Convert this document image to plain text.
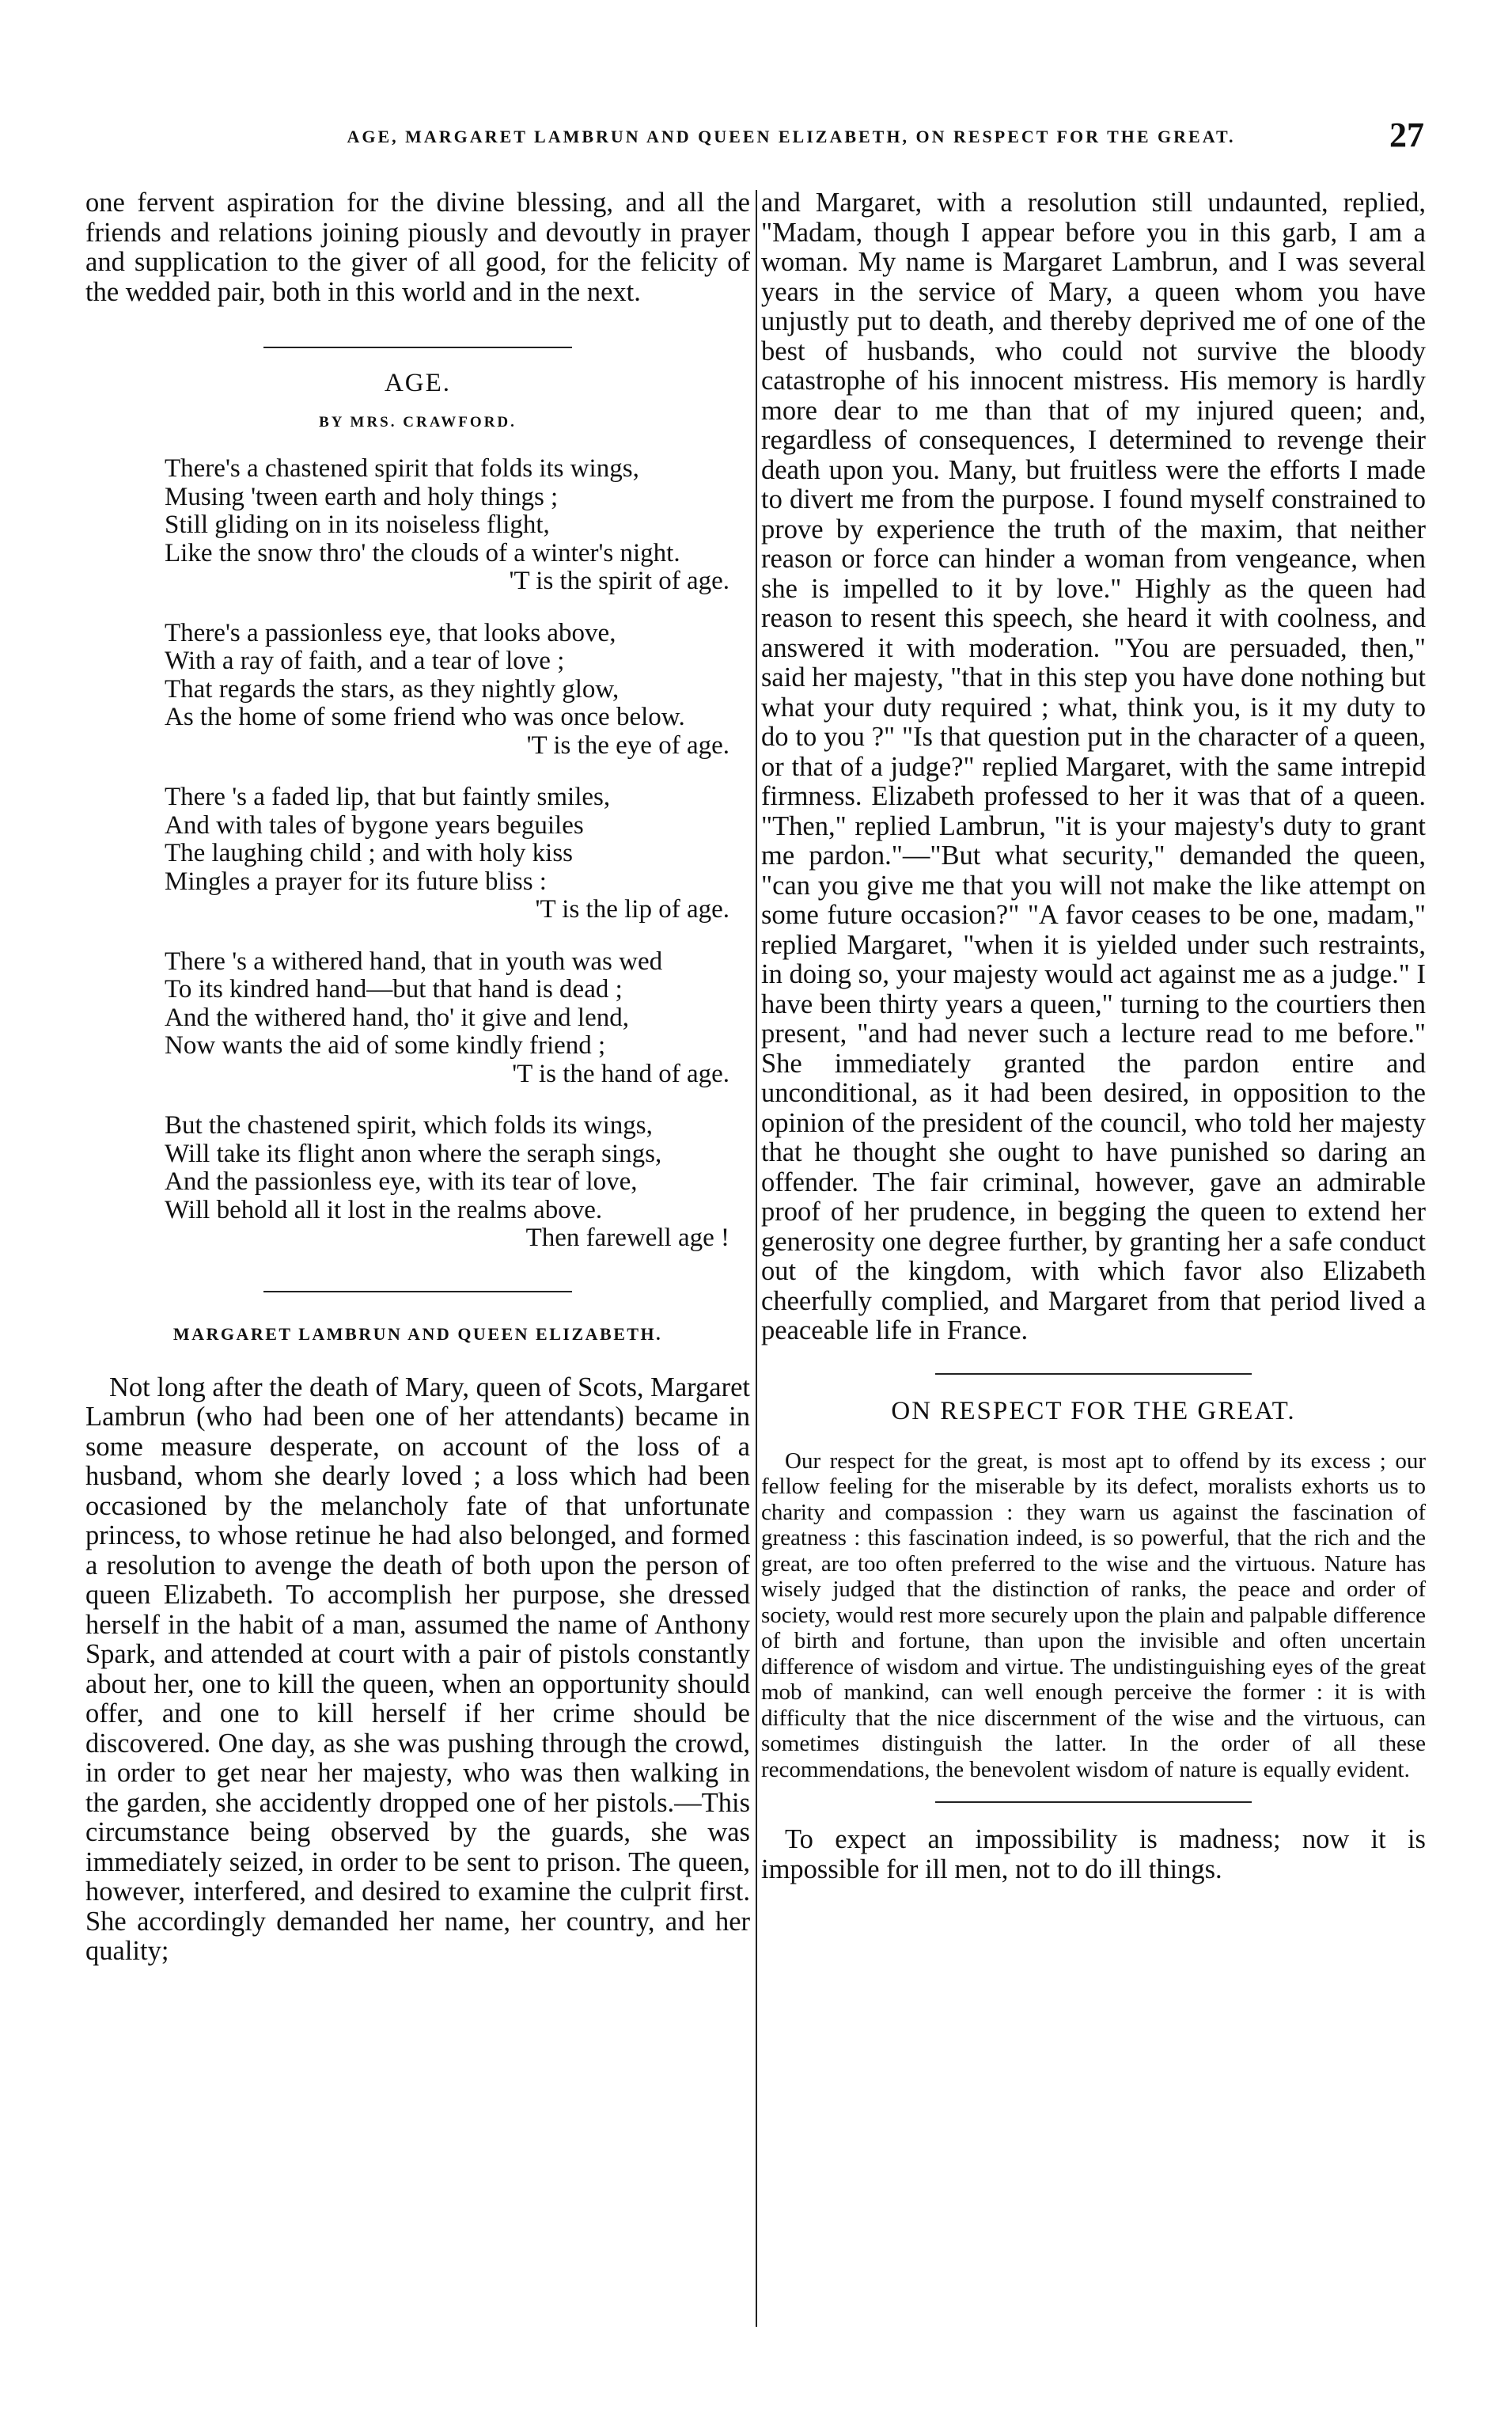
AGE, MARGARET LAMBRUN AND QUEEN ELIZABETH, ON RESPECT FOR THE GREAT.	27

one fervent aspiration for the divine blessing, and all the friends and relations joining piously and devoutly in prayer and supplication to the giver of all good, for the felicity of the wedded pair, both in this world and in the next.

AGE.
BY MRS. CRAWFORD.
There's a chastened spirit that folds its wings,
Musing 'tween earth and holy things ;
Still gliding on in its noiseless flight,
Like the snow thro' the clouds of a winter's night.
'T is the spirit of age.
There's a passionless eye, that looks above,
With a ray of faith, and a tear of love ;
That regards the stars, as they nightly glow,
As the home of some friend who was once below.
'T is the eye of age.
There 's a faded lip, that but faintly smiles,
And with tales of bygone years beguiles
The laughing child ; and with holy kiss
Mingles a prayer for its future bliss :
'T is the lip of age.
There 's a withered hand, that in youth was wed
To its kindred hand—but that hand is dead ;
And the withered hand, tho' it give and lend,
Now wants the aid of some kindly friend ;
'T is the hand of age.
But the chastened spirit, which folds its wings,
Will take its flight anon where the seraph sings,
And the passionless eye, with its tear of love,
Will behold all it lost in the realms above.
Then farewell age !
MARGARET LAMBRUN AND QUEEN ELIZABETH.

Not long after the death of Mary, queen of Scots, Margaret Lambrun (who had been one of her attendants) became in some measure desperate, on account of the loss of a husband, whom she dearly loved ; a loss which had been occasioned by the melancholy fate of that unfortunate princess, to whose retinue he had also belonged, and formed a resolution to avenge the death of both upon the person of queen Elizabeth. To accomplish her purpose, she dressed herself in the habit of a man, assumed the name of Anthony Spark, and attended at court with a pair of pistols constantly about her, one to kill the queen, when an opportunity should offer, and one to kill herself if her crime should be discovered. One day, as she was pushing through the crowd, in order to get near her majesty, who was then walking in the garden, she accidently dropped one of her pistols.—This circumstance being observed by the guards, she was immediately seized, in order to be sent to prison. The queen, however, interfered, and desired to examine the culprit first. She accordingly demanded her name, her country, and her quality;

and Margaret, with a resolution still undaunted, replied, "Madam, though I appear before you in this garb, I am a woman. My name is Margaret Lambrun, and I was several years in the service of Mary, a queen whom you have unjustly put to death, and thereby deprived me of one of the best of husbands, who could not survive the bloody catastrophe of his innocent mistress. His memory is hardly more dear to me than that of my injured queen; and, regardless of consequences, I determined to revenge their death upon you. Many, but fruitless were the efforts I made to divert me from the purpose. I found myself constrained to prove by experience the truth of the maxim, that neither reason or force can hinder a woman from vengeance, when she is impelled to it by love." Highly as the queen had reason to resent this speech, she heard it with coolness, and answered it with moderation. "You are persuaded, then," said her majesty, "that in this step you have done nothing but what your duty required ; what, think you, is it my duty to do to you ?" "Is that question put in the character of a queen, or that of a judge?" replied Margaret, with the same intrepid firmness. Elizabeth professed to her it was that of a queen. "Then," replied Lambrun, "it is your majesty's duty to grant me pardon."—"But what security," demanded the queen, "can you give me that you will not make the like attempt on some future occasion?" "A favor ceases to be one, madam," replied Margaret, "when it is yielded under such restraints, in doing so, your majesty would act against me as a judge." I have been thirty years a queen," turning to the courtiers then present, "and had never such a lecture read to me before." She immediately granted the pardon entire and unconditional, as it had been desired, in opposition to the opinion of the president of the council, who told her majesty that he thought she ought to have punished so daring an offender. The fair criminal, however, gave an admirable proof of her prudence, in begging the queen to extend her generosity one degree further, by granting her a safe conduct out of the kingdom, with which favor also Elizabeth cheerfully complied, and Margaret from that period lived a peaceable life in France.

ON RESPECT FOR THE GREAT.

Our respect for the great, is most apt to offend by its excess ; our fellow feeling for the miserable by its defect, moralists exhorts us to charity and compassion : they warn us against the fascination of greatness : this fascination indeed, is so powerful, that the rich and the great, are too often preferred to the wise and the virtuous. Nature has wisely judged that the distinction of ranks, the peace and order of society, would rest more securely upon the plain and palpable difference of birth and fortune, than upon the invisible and often uncertain difference of wisdom and virtue. The undistinguishing eyes of the great mob of mankind, can well enough perceive the former : it is with difficulty that the nice discernment of the wise and the virtuous, can sometimes distinguish the latter. In the order of all these recommendations, the benevolent wisdom of nature is equally evident.

To expect an impossibility is madness; now it is impossible for ill men, not to do ill things.
